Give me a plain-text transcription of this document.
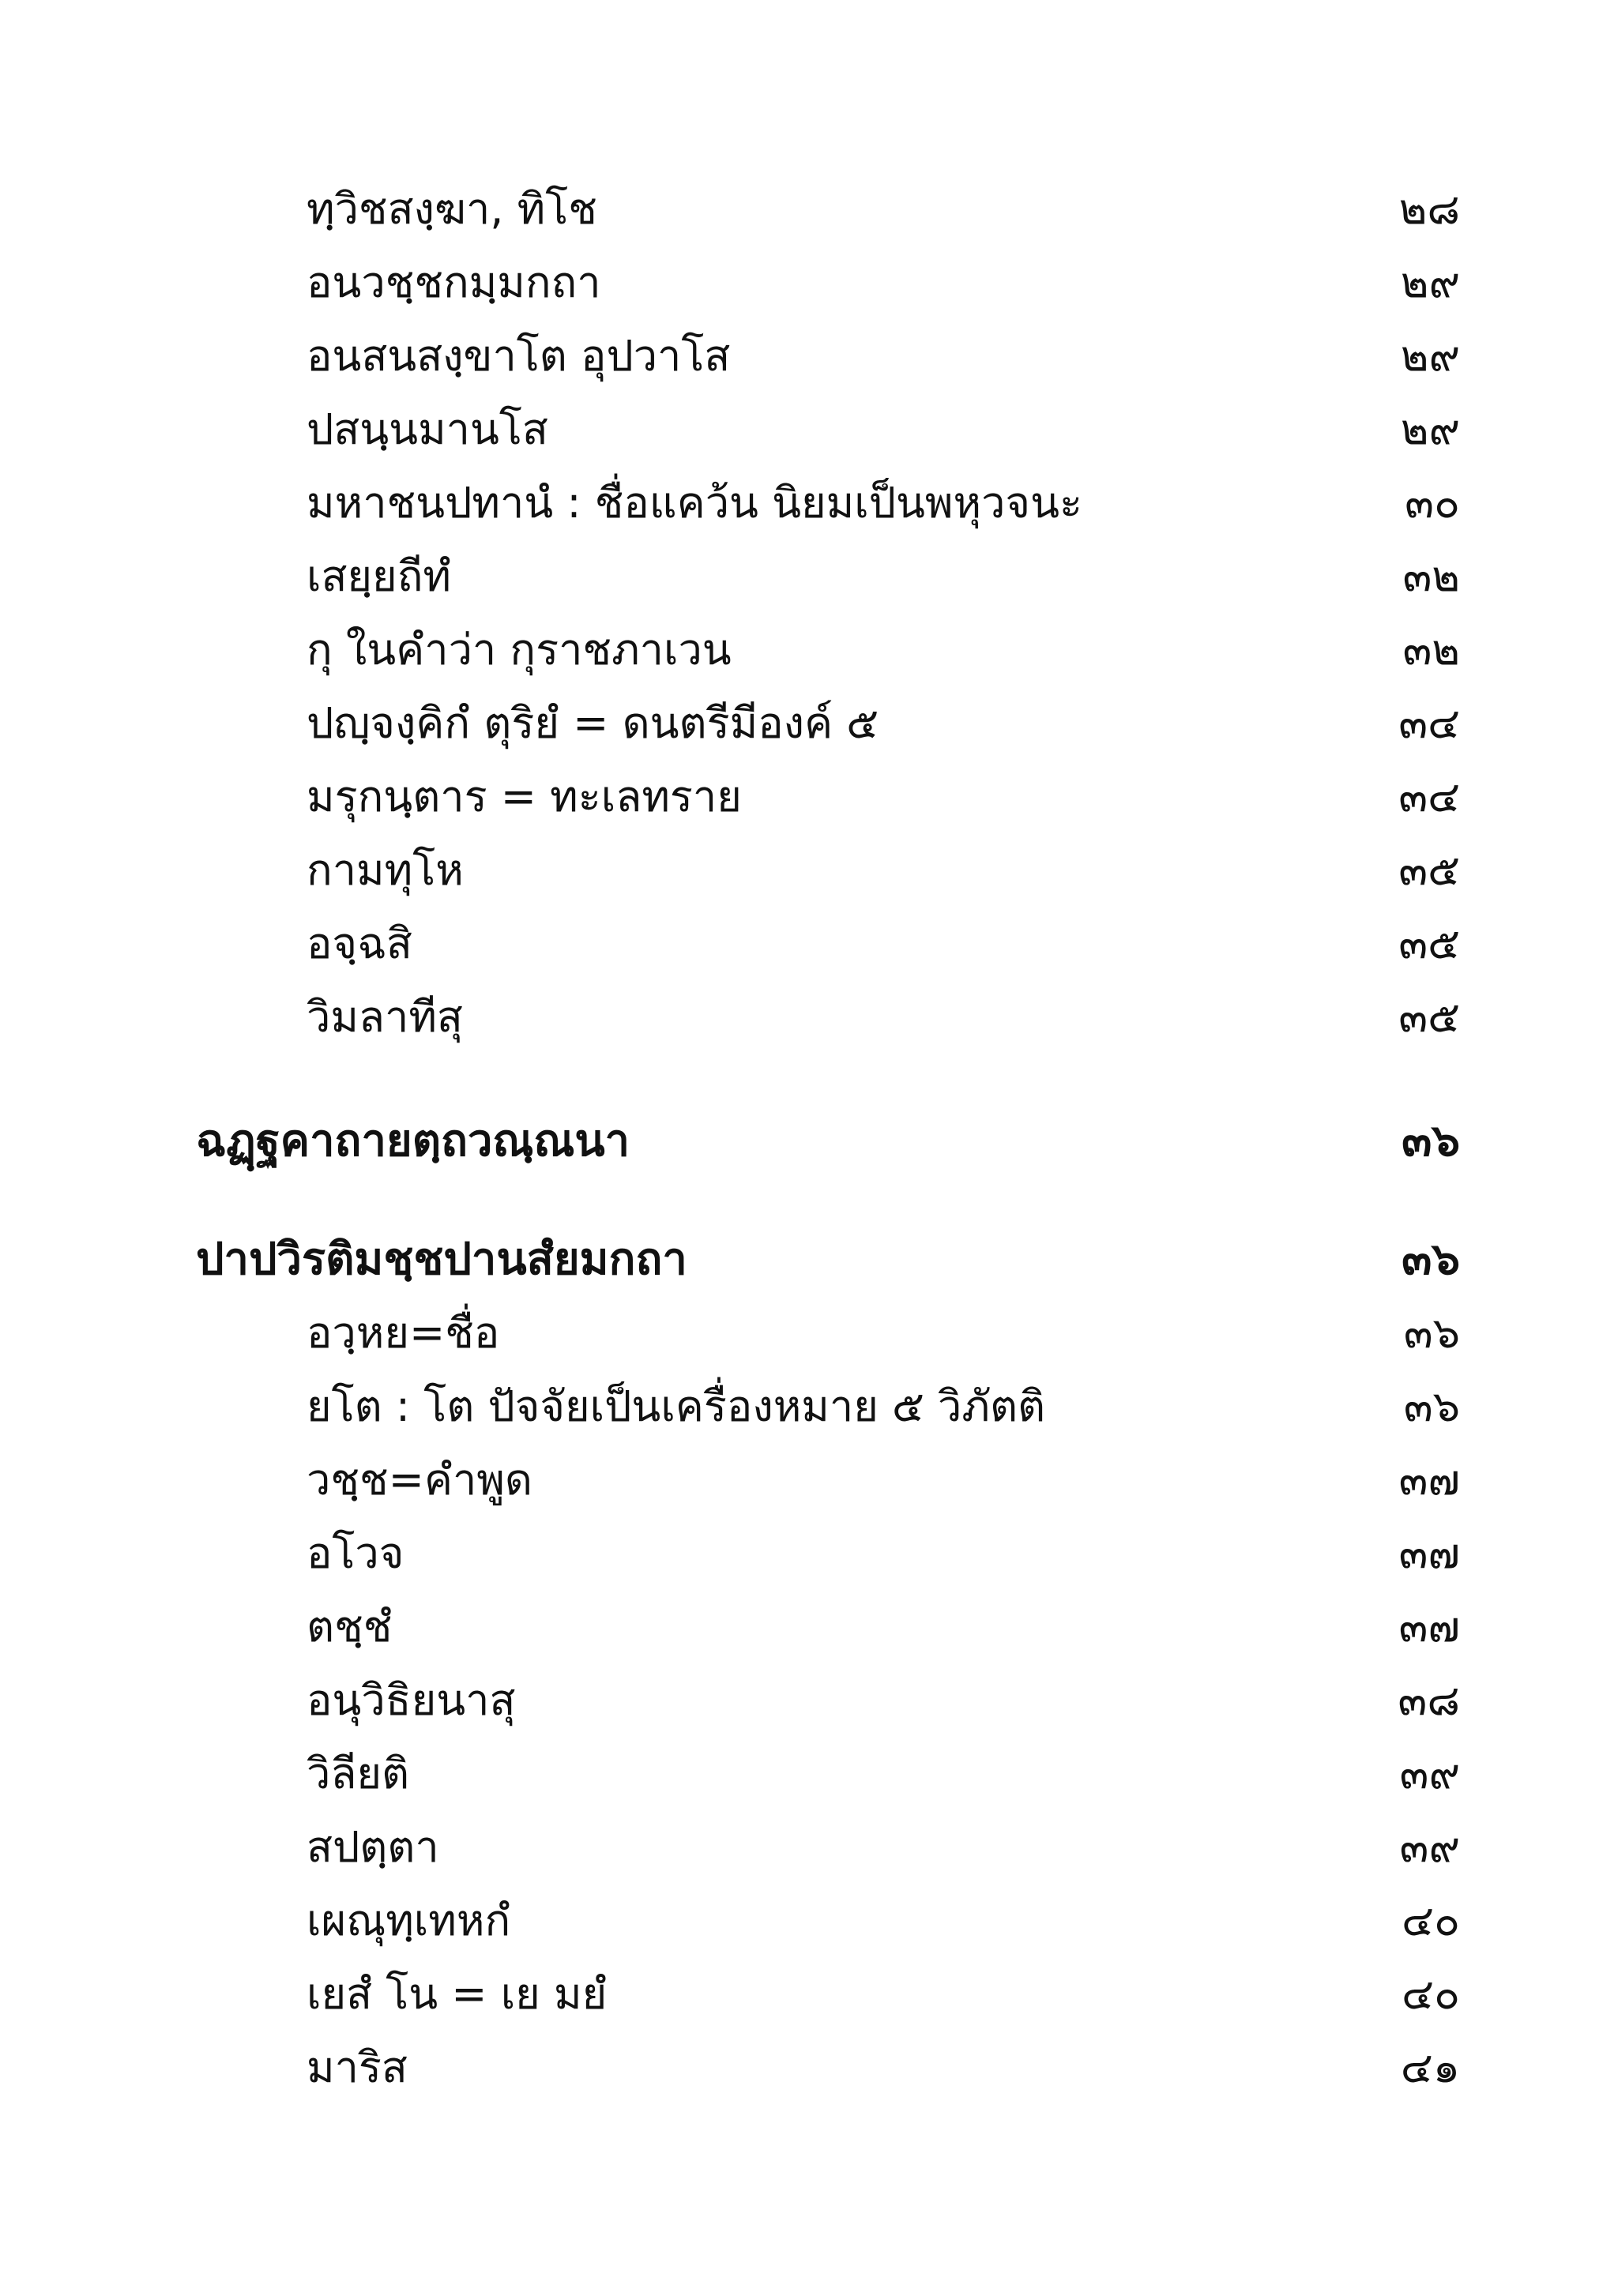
ทฺวิชสงฺฆา, ทิโช	๒๘
อนวชฺชกมฺมกถา	๒๙
อนสนสงฺขาโต อุปวาโส	๒๙
ปสนฺนมานโส	๒๙
มหาชนปทานํ : ชื่อแคว้น นิยมเป็นพหุวจนะ	๓๐
เสยฺยถีทํ	๓๒
กุ ในคำว่า กุราชภาเวน	๓๒
ปญฺจงฺคิกํ ตุริยํ = ดนตรีมีองค์ ๕	๓๔
มรุกนฺตาร = ทะเลทราย	๓๔
กามทุโห	๓๕
อจฺฉสิ	๓๕
วิมลาทีสุ	๓๕
ฉฏฺฐคาถายตฺถวณฺณนา	๓๖
ปาปวิรติมชฺชปานสํยมกถา	๓๖
อวฺหย=ชื่อ	๓๖
ยโต : โต ปัจจัยเป็นเครื่องหมาย ๕ วิภัตติ	๓๖
วชฺช=คำพูด	๓๗
อโวจ	๓๗
ตชฺชํ	๓๗
อนุวิธิยนาสุ	๓๘
วิลียติ	๓๙
สปตฺตา	๓๙
เผณุทฺเทหกํ	๔๐
เยสํ โน = เย มยํ	๔๐
มาริส	๔๑
